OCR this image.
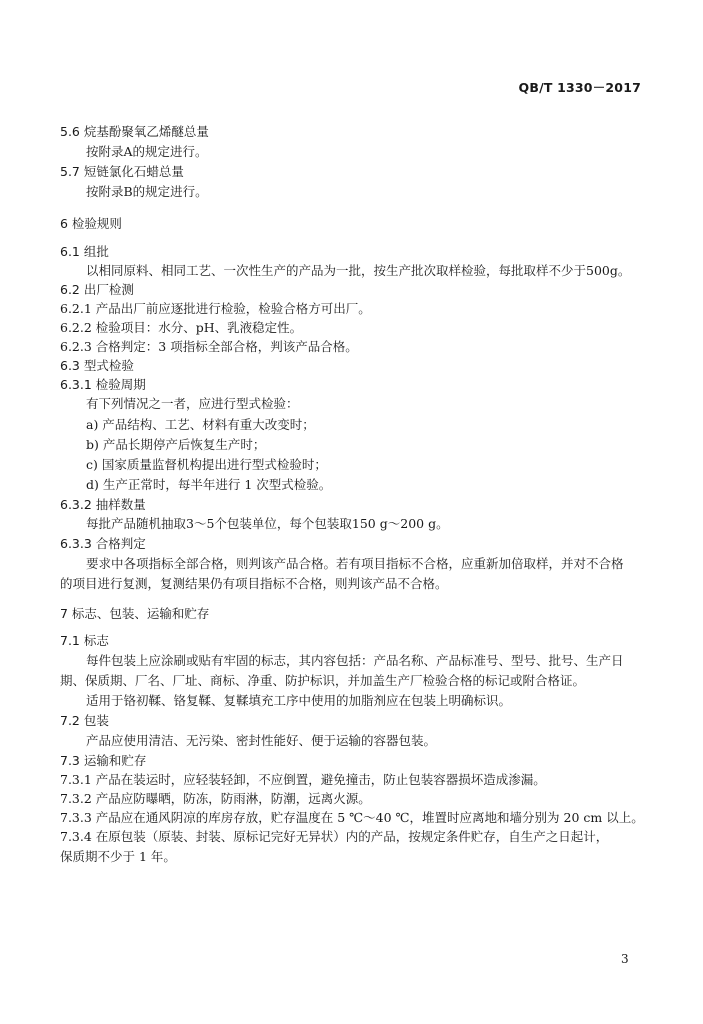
QB/T 1330－2017
5.6 烷基酚聚氧乙烯醚总量
按附录A的规定进行。
5.7 短链氯化石蜡总量
按附录B的规定进行。
6 检验规则
6.1 组批
以相同原料、相同工艺、一次性生产的产品为一批，按生产批次取样检验，每批取样不少于500g。
6.2 出厂检测
6.2.1 产品出厂前应逐批进行检验，检验合格方可出厂。
6.2.2 检验项目：水分、pH、乳液稳定性。
6.2.3 合格判定：3 项指标全部合格，判该产品合格。
6.3 型式检验
6.3.1 检验周期
有下列情况之一者，应进行型式检验：
a) 产品结构、工艺、材料有重大改变时；
b) 产品长期停产后恢复生产时；
c) 国家质量监督机构提出进行型式检验时；
d) 生产正常时，每半年进行 1 次型式检验。
6.3.2 抽样数量
每批产品随机抽取3～5个包装单位，每个包装取150 g～200 g。
6.3.3 合格判定
要求中各项指标全部合格，则判该产品合格。若有项目指标不合格，应重新加倍取样，并对不合格
的项目进行复测，复测结果仍有项目指标不合格，则判该产品不合格。
7 标志、包装、运输和贮存
7.1 标志
每件包装上应涂刷或贴有牢固的标志，其内容包括：产品名称、产品标准号、型号、批号、生产日
期、保质期、厂名、厂址、商标、净重、防护标识，并加盖生产厂检验合格的标记或附合格证。
适用于铬初鞣、铬复鞣、复鞣填充工序中使用的加脂剂应在包装上明确标识。
7.2 包装
产品应使用清洁、无污染、密封性能好、便于运输的容器包装。
7.3 运输和贮存
7.3.1 产品在装运时，应轻装轻卸，不应倒置，避免撞击，防止包装容器损坏造成渗漏。
7.3.2 产品应防曝晒，防冻，防雨淋，防潮，远离火源。
7.3.3 产品应在通风阴凉的库房存放，贮存温度在 5 ℃～40 ℃，堆置时应离地和墙分别为 20 cm 以上。
7.3.4 在原包装（原装、封装、原标记完好无异状）内的产品，按规定条件贮存，自生产之日起计，
保质期不少于 1 年。
3
